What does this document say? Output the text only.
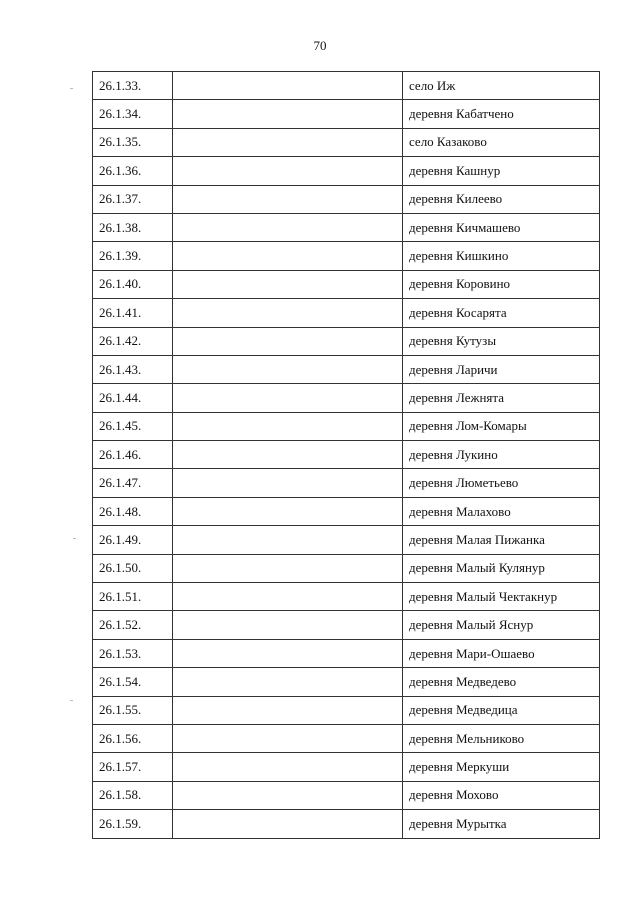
70
26.1.33.		село Иж
26.1.34.		деревня Кабатчено
26.1.35.		село Казаково
26.1.36.		деревня Кашнур
26.1.37.		деревня Килеево
26.1.38.		деревня Кичмашево
26.1.39.		деревня Кишкино
26.1.40.		деревня Коровино
26.1.41.		деревня Косарята
26.1.42.		деревня Кутузы
26.1.43.		деревня Ларичи
26.1.44.		деревня Лежнята
26.1.45.		деревня Лом-Комары
26.1.46.		деревня Лукино
26.1.47.		деревня Люметьево
26.1.48.		деревня Малахово
26.1.49.		деревня Малая Пижанка
26.1.50.		деревня Малый Кулянур
26.1.51.		деревня Малый Чектакнур
26.1.52.		деревня Малый Яснур
26.1.53.		деревня Мари-Ошаево
26.1.54.		деревня Медведево
26.1.55.		деревня Медведица
26.1.56.		деревня Мельниково
26.1.57.		деревня Меркуши
26.1.58.		деревня Мохово
26.1.59.		деревня Мурытка
